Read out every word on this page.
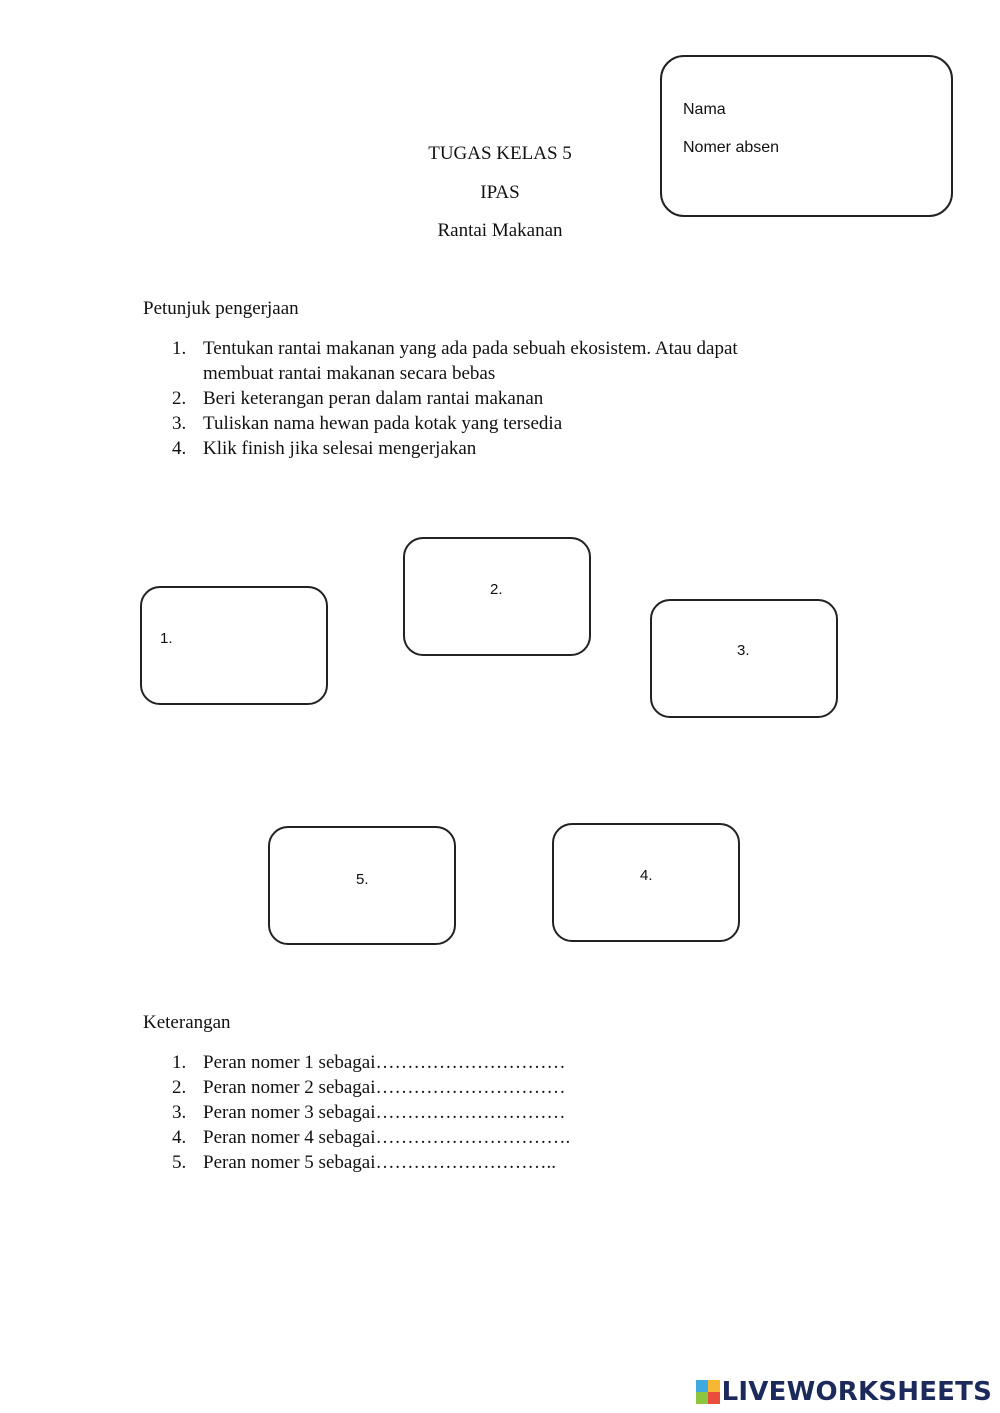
Nama
Nomer absen
TUGAS KELAS 5
IPAS
Rantai Makanan
Petunjuk pengerjaan
1. Tentukan rantai makanan yang ada pada sebuah ekosistem. Atau dapat membuat rantai makanan secara bebas
2. Beri keterangan peran dalam rantai makanan
3. Tuliskan nama hewan pada kotak yang tersedia
4. Klik finish jika selesai mengerjakan
1.
2.
3.
5.	4.
Keterangan
1. Peran nomer 1 sebagai…………………………
2. Peran nomer 2 sebagai…………………………
3. Peran nomer 3 sebagai…………………………
4. Peran nomer 4 sebagai………………………….
5. Peran nomer 5 sebagai………………………..
LIVEWORKSHEETS
